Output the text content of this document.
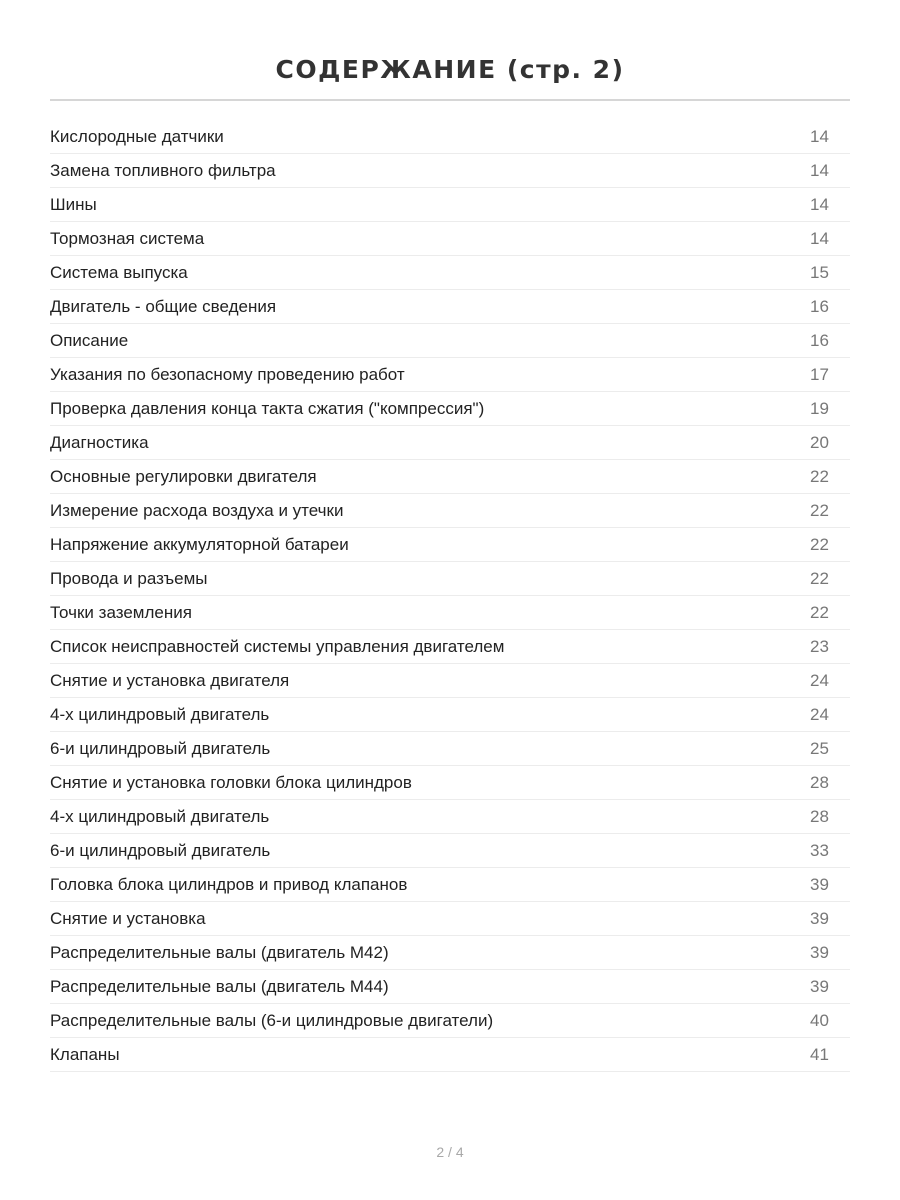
СОДЕРЖАНИЕ (стр. 2)
Кислородные датчики	14
Замена топливного фильтра	14
Шины	14
Тормозная система	14
Система выпуска	15
Двигатель - общие сведения	16
Описание	16
Указания по безопасному проведению работ	17
Проверка давления конца такта сжатия ("компрессия")	19
Диагностика	20
Основные регулировки двигателя	22
Измерение расхода воздуха и утечки	22
Напряжение аккумуляторной батареи	22
Провода и разъемы	22
Точки заземления	22
Список неисправностей системы управления двигателем	23
Снятие и установка двигателя	24
4-х цилиндровый двигатель	24
6-и цилиндровый двигатель	25
Снятие и установка головки блока цилиндров	28
4-х цилиндровый двигатель	28
6-и цилиндровый двигатель	33
Головка блока цилиндров и привод клапанов	39
Снятие и установка	39
Распределительные валы (двигатель M42)	39
Распределительные валы (двигатель M44)	39
Распределительные валы (6-и цилиндровые двигатели)	40
Клапаны	41
2 / 4
